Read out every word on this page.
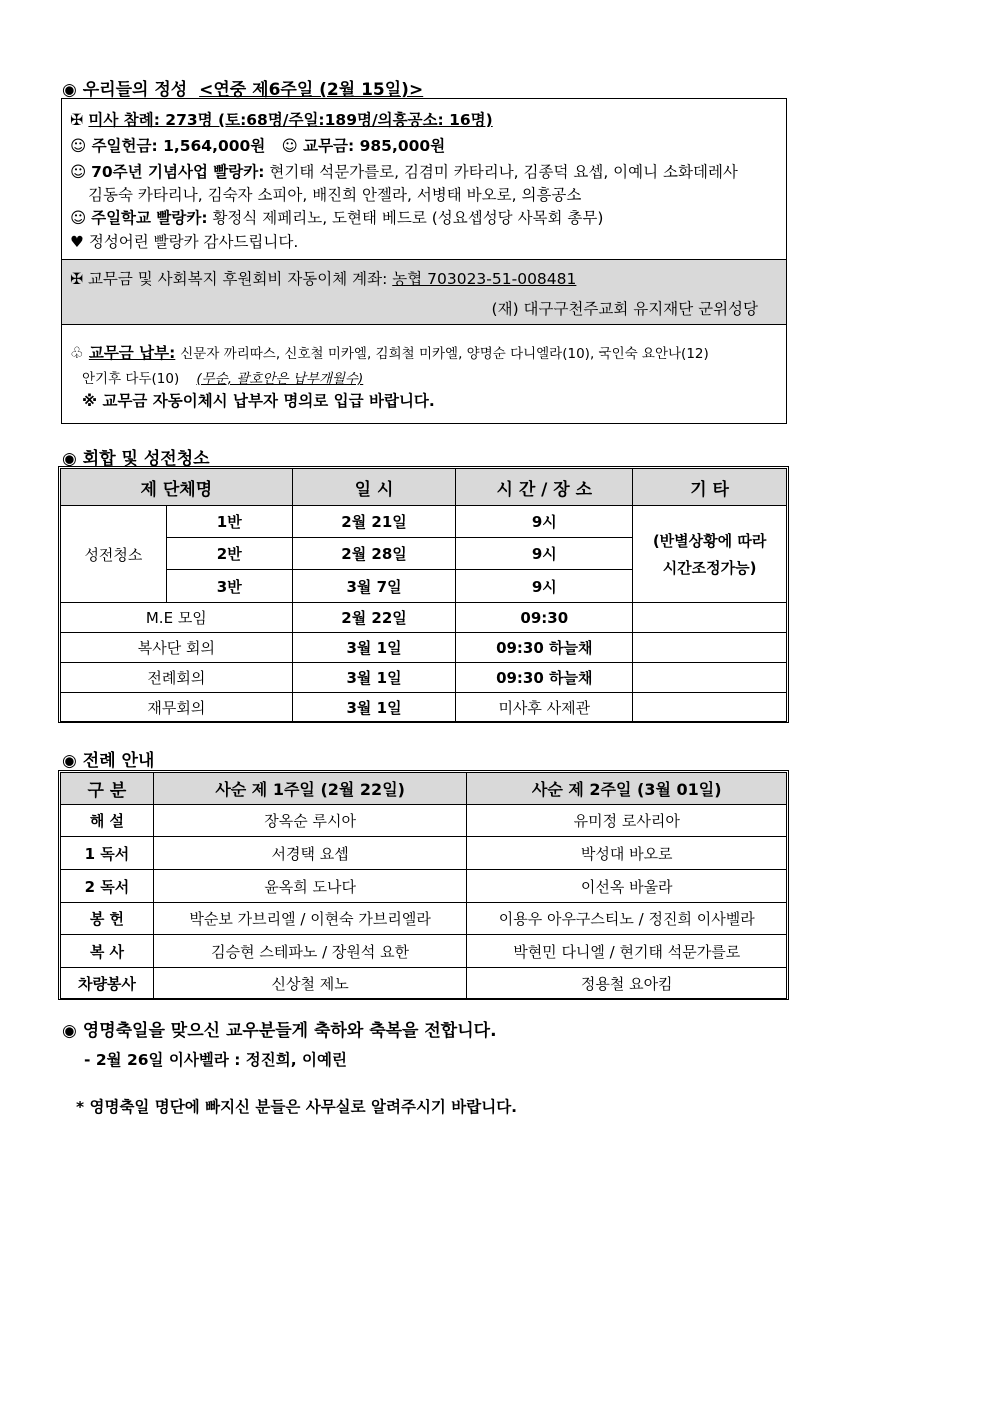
◉ 우리들의 정성 <연중 제6주일 (2월 15일)>
✠ 미사 참례: 273명 (토:68명/주일:189명/의흥공소: 16명)
☺ 주일헌금: 1,564,000원 ☺ 교무금: 985,000원
☺ 70주년 기념사업 빨랑카: 현기태 석문가를로, 김겸미 카타리나, 김종덕 요셉, 이예니 소화데레사
김동숙 카타리나, 김숙자 소피아, 배진희 안젤라, 서병태 바오로, 의흥공소
☺ 주일학교 빨랑카: 황정식 제페리노, 도현태 베드로 (성요셉성당 사목회 총무)
♥ 정성어린 빨랑카 감사드립니다.
✠ 교무금 및 사회복지 후원회비 자동이체 계좌: 농협 703023-51-008481
(재) 대구구천주교회 유지재단 군위성당
♧ 교무금 납부: 신문자 까리따스, 신호철 미카엘, 김희철 미카엘, 양명순 다니엘라(10), 국인숙 요안나(12)
안기후 다두(10) (무순, 괄호안은 납부개월수)
※ 교무금 자동이체시 납부자 명의로 입급 바랍니다.
◉ 회합 및 성전청소
제 단체명		일 시	시 간 / 장 소	기 타
성전청소	1반	2월 21일	9시	(반별상황에 따라
시간조정가능)

	2반	2월 28일	9시	
	3반	3월 7일	9시	
M.E 모임		2월 22일	09:30	
복사단 회의		3월 1일	09:30 하늘채	
전례회의		3월 1일	09:30 하늘채	
재무회의		3월 1일	미사후 사제관	
◉ 전례 안내
구 분	사순 제 1주일 (2월 22일)	사순 제 2주일 (3월 01일)
해 설	장옥순 루시아	유미정 로사리아
1 독서	서경택 요셉	박성대 바오로
2 독서	윤옥희 도나다	이선옥 바울라
봉 헌	박순보 가브리엘 / 이현숙 가브리엘라	이용우 아우구스티노 / 정진희 이사벨라
복 사	김승현 스테파노 / 장원석 요한	박현민 다니엘 / 현기태 석문가를로
차량봉사	신상철 제노	정용철 요아킴
◉ 영명축일을 맞으신 교우분들게 축하와 축복을 전합니다.
- 2월 26일 이사벨라 : 정진희, 이예린
* 영명축일 명단에 빠지신 분들은 사무실로 알려주시기 바랍니다.
